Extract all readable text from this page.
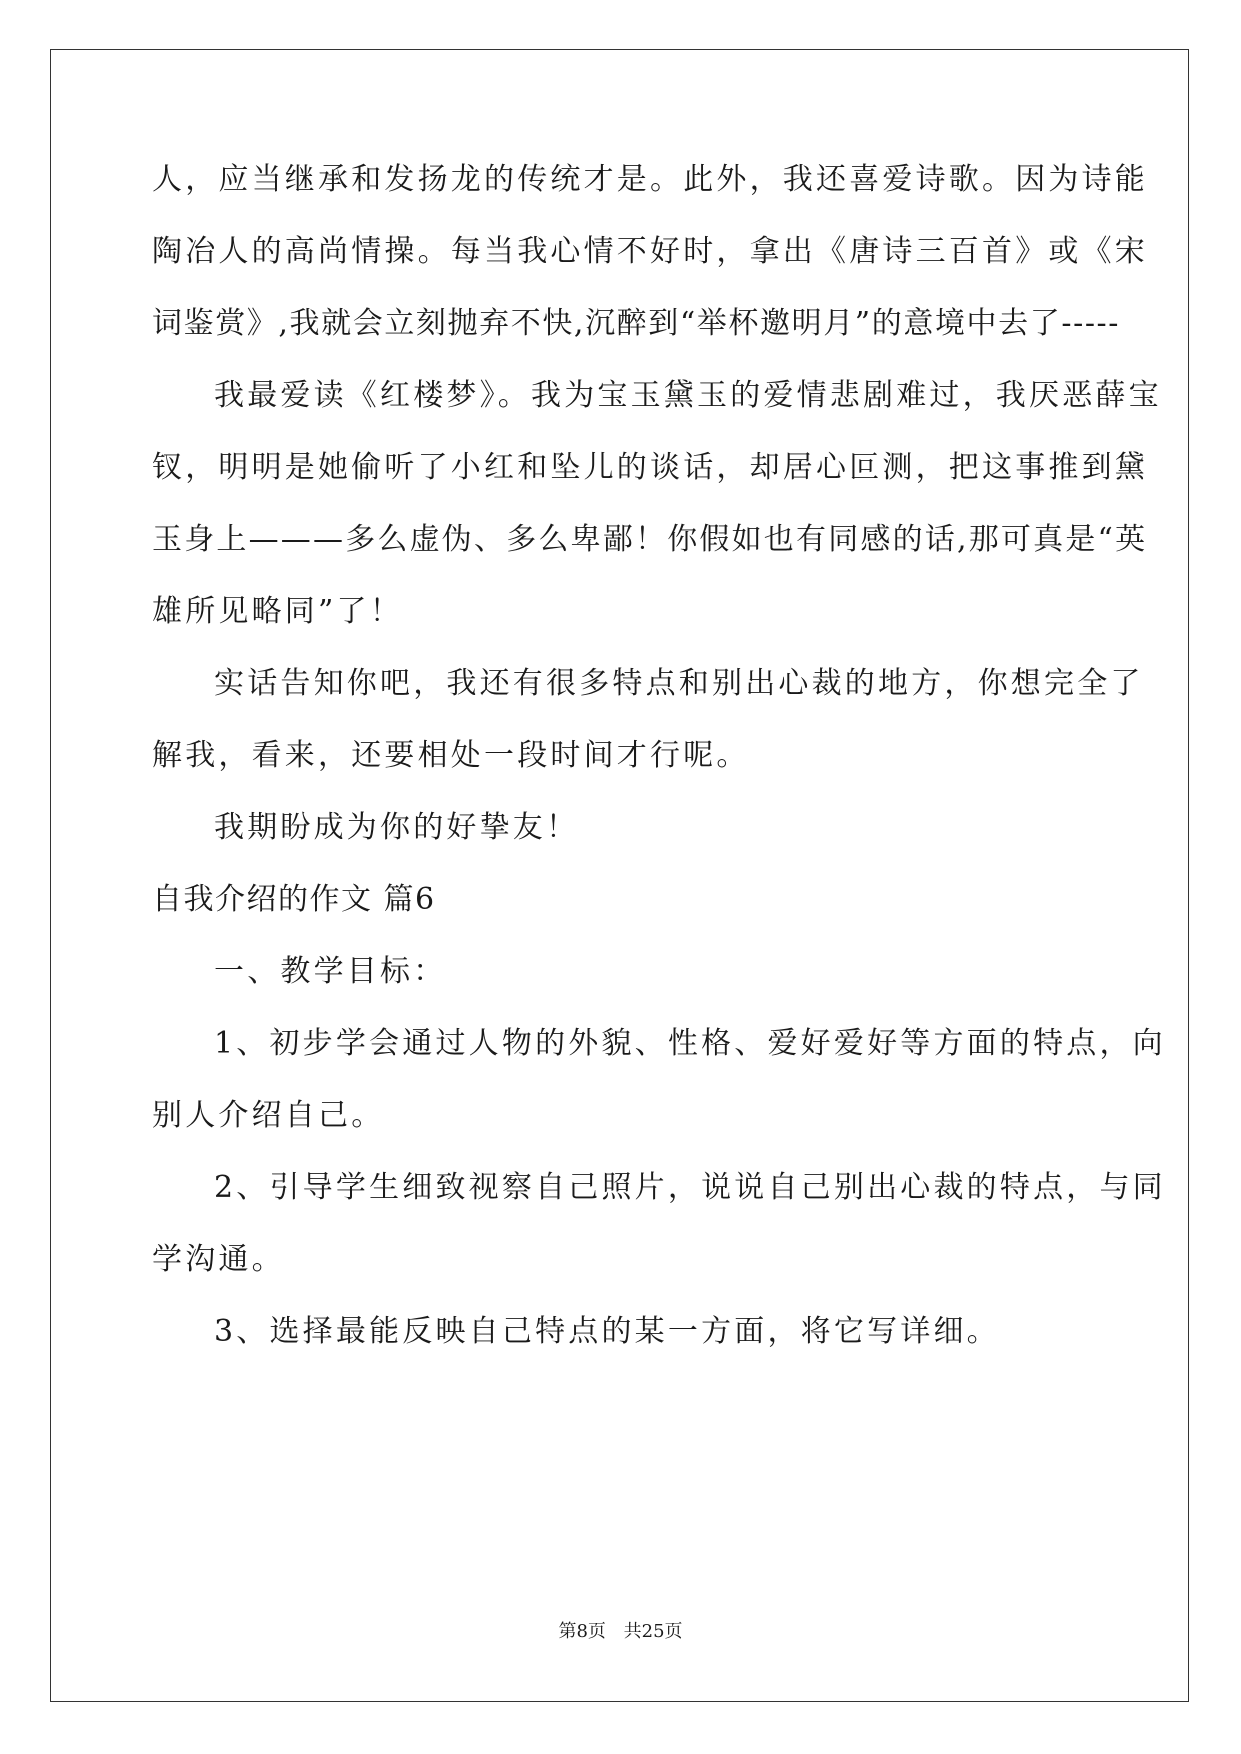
人，应当继承和发扬龙的传统才是。此外，我还喜爱诗歌。因为诗能
陶冶人的高尚情操。每当我心情不好时，拿出《唐诗三百首》或《宋
词鉴赏》,我就会立刻抛弃不快,沉醉到“举杯邀明月”的意境中去了-----
我最爱读《红楼梦》。我为宝玉黛玉的爱情悲剧难过，我厌恶薛宝
钗，明明是她偷听了小红和坠儿的谈话，却居心叵测，把这事推到黛
玉身上———多么虚伪、多么卑鄙！你假如也有同感的话,那可真是“英
雄所见略同”了！
实话告知你吧，我还有很多特点和别出心裁的地方，你想完全了
解我，看来，还要相处一段时间才行呢。
我期盼成为你的好挚友！
自我介绍的作文 篇6
一、教学目标：
1、初步学会通过人物的外貌、性格、爱好爱好等方面的特点，向
别人介绍自己。
2、引导学生细致视察自己照片，说说自己别出心裁的特点，与同
学沟通。
3、选择最能反映自己特点的某一方面，将它写详细。
第8页 共25页
